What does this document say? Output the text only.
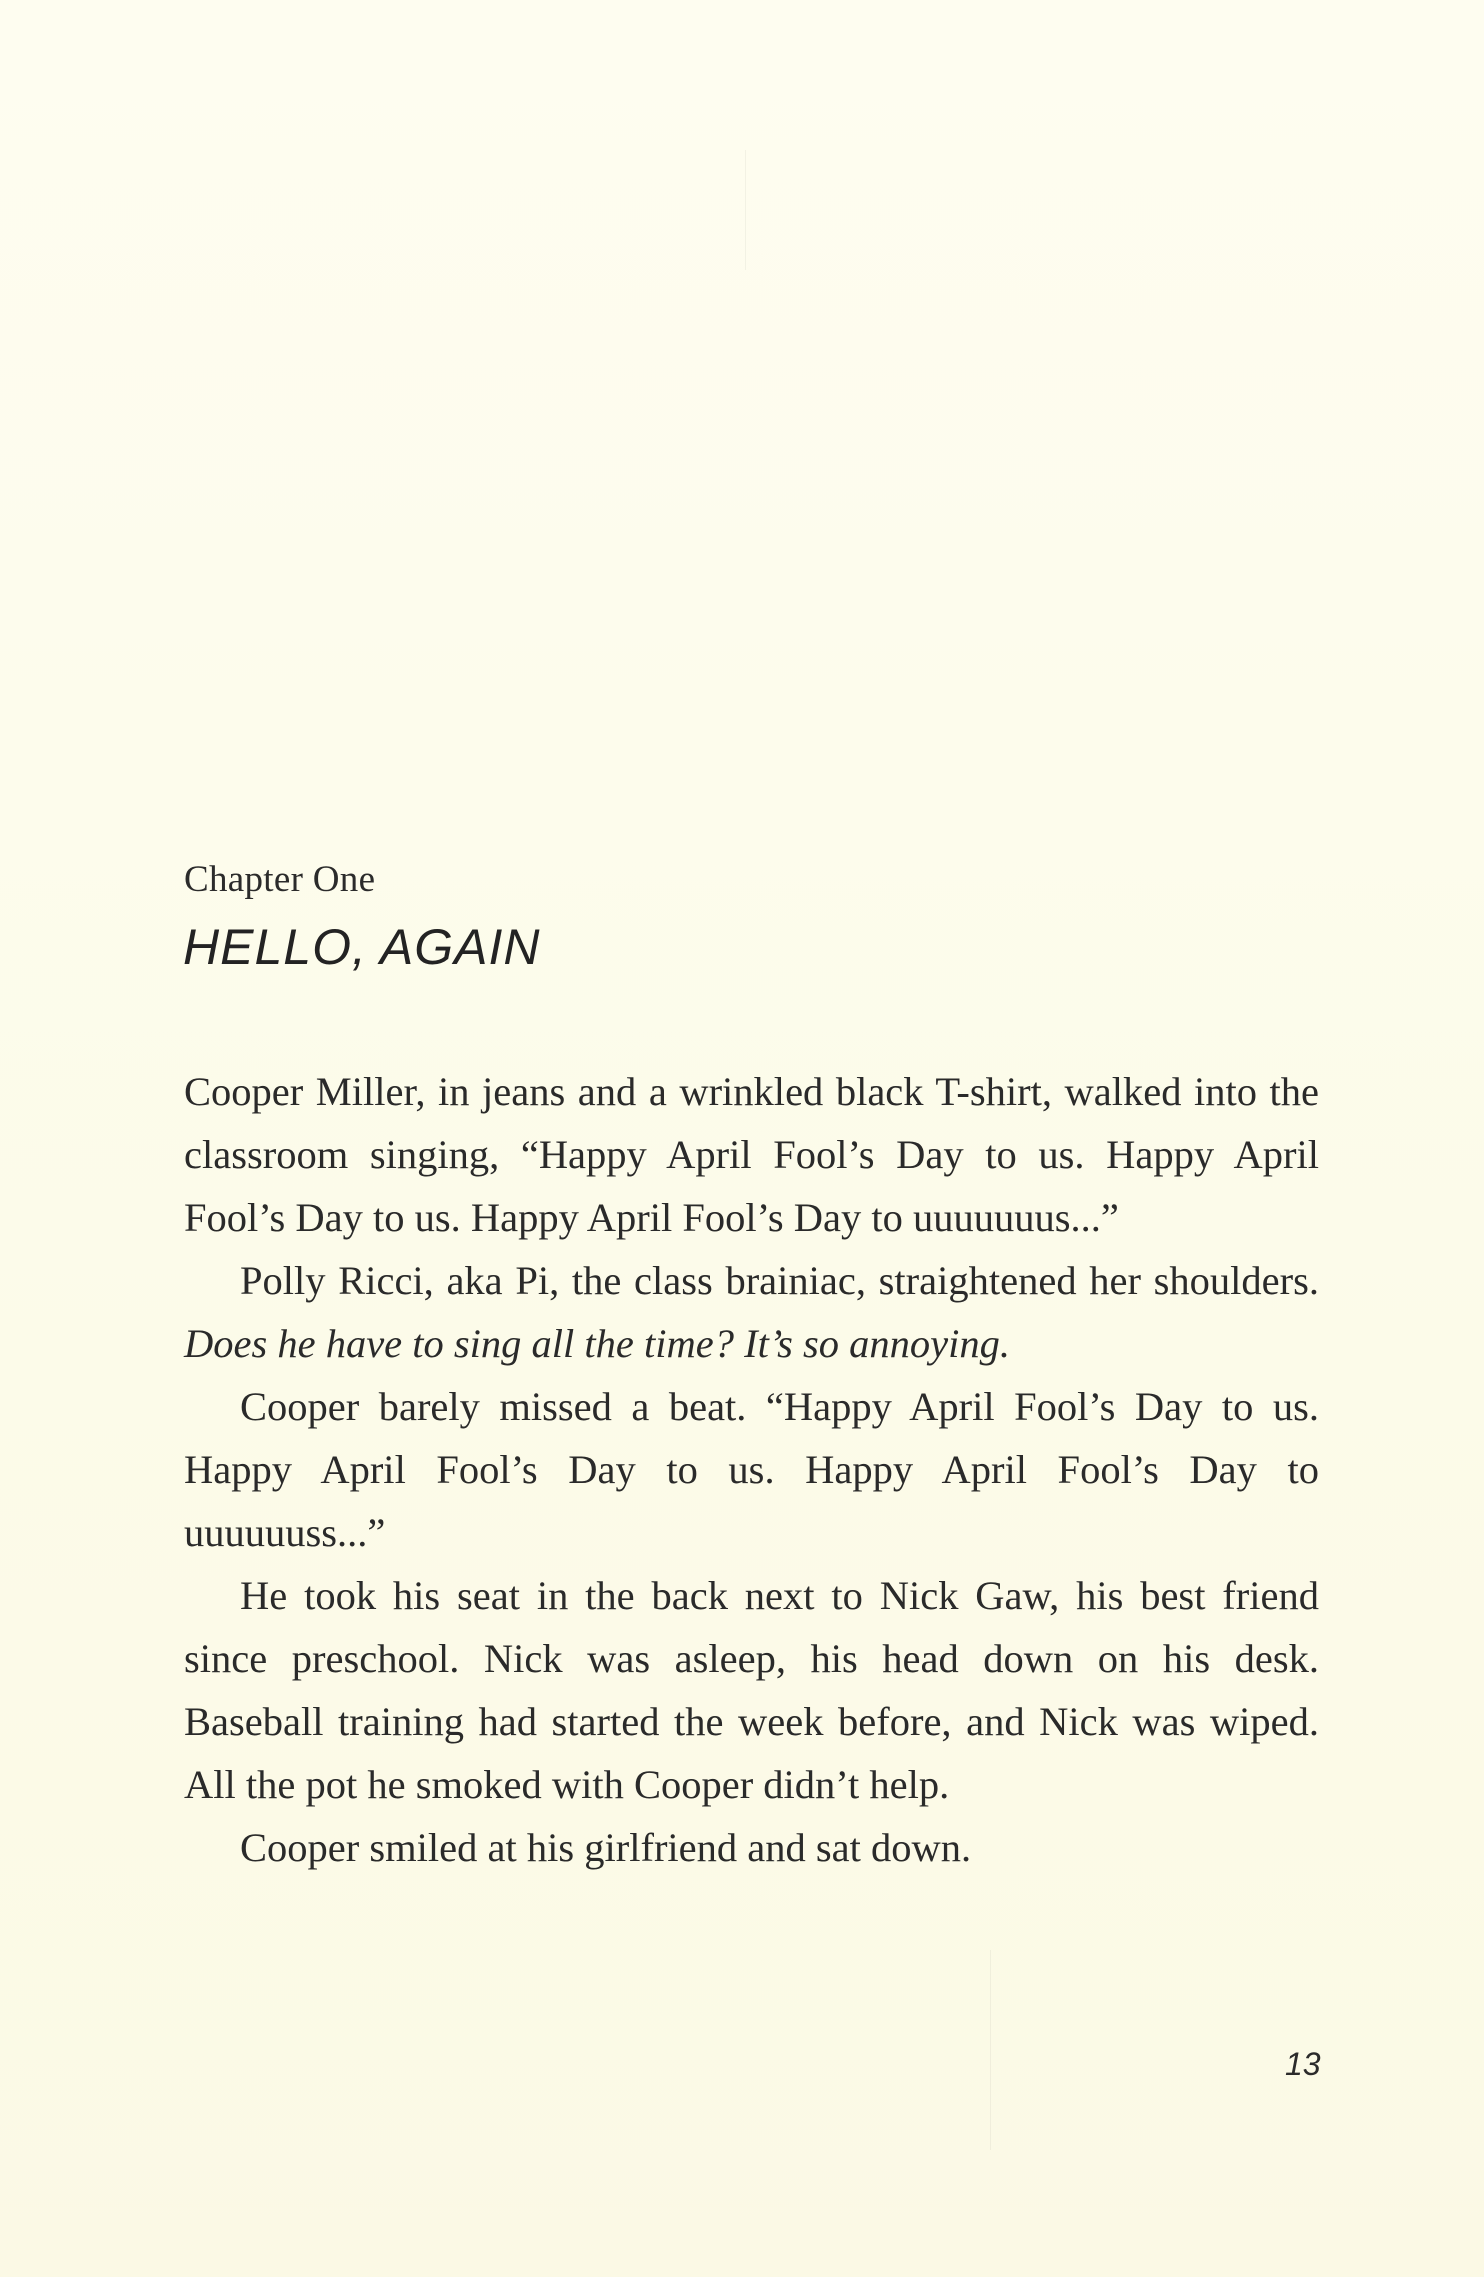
Chapter One
HELLO, AGAIN

Cooper Miller, in jeans and a wrinkled black T-shirt, walked into the classroom singing, “Happy April Fool’s Day to us. Happy April Fool’s Day to us. Happy April Fool’s Day to uuuuuuus...”

Polly Ricci, aka Pi, the class brainiac, straightened her shoulders. Does he have to sing all the time? It’s so annoying.

Cooper barely missed a beat. “Happy April Fool’s Day to us. Happy April Fool’s Day to us. Happy April Fool’s Day to uuuuuuss...”

He took his seat in the back next to Nick Gaw, his best friend since preschool. Nick was asleep, his head down on his desk. Baseball training had started the week before, and Nick was wiped. All the pot he smoked with Cooper didn’t help.

Cooper smiled at his girlfriend and sat down.

13
